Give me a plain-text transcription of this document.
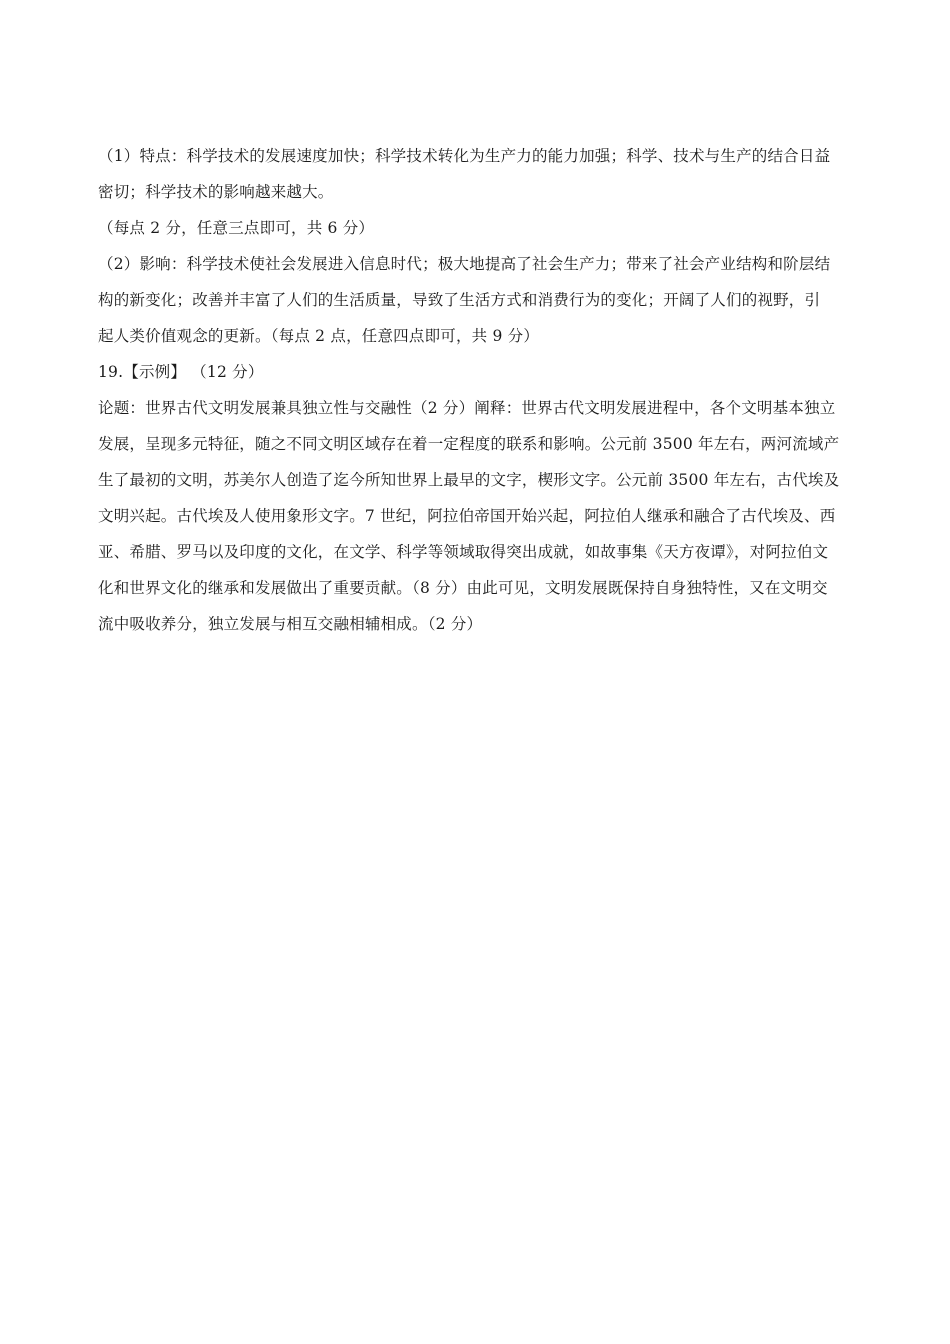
（1）特点：科学技术的发展速度加快；科学技术转化为生产力的能力加强；科学、技术与生产的结合日益
密切；科学技术的影响越来越大。
（每点 2 分，任意三点即可，共 6 分）
（2）影响：科学技术使社会发展进入信息时代；极大地提高了社会生产力；带来了社会产业结构和阶层结
构的新变化；改善并丰富了人们的生活质量，导致了生活方式和消费行为的变化；开阔了人们的视野，引
起人类价值观念的更新。（每点 2 点，任意四点即可，共 9 分）
19.【示例】 （12 分）
论题：世界古代文明发展兼具独立性与交融性（2 分）阐释：世界古代文明发展进程中，各个文明基本独立
发展，呈现多元特征，随之不同文明区域存在着一定程度的联系和影响。公元前 3500 年左右，两河流域产
生了最初的文明，苏美尔人创造了迄今所知世界上最早的文字，楔形文字。公元前 3500 年左右，古代埃及
文明兴起。古代埃及人使用象形文字。7 世纪，阿拉伯帝国开始兴起，阿拉伯人继承和融合了古代埃及、西
亚、希腊、罗马以及印度的文化，在文学、科学等领域取得突出成就，如故事集《天方夜谭》，对阿拉伯文
化和世界文化的继承和发展做出了重要贡献。（8 分）由此可见，文明发展既保持自身独特性，又在文明交
流中吸收养分，独立发展与相互交融相辅相成。（2 分）
